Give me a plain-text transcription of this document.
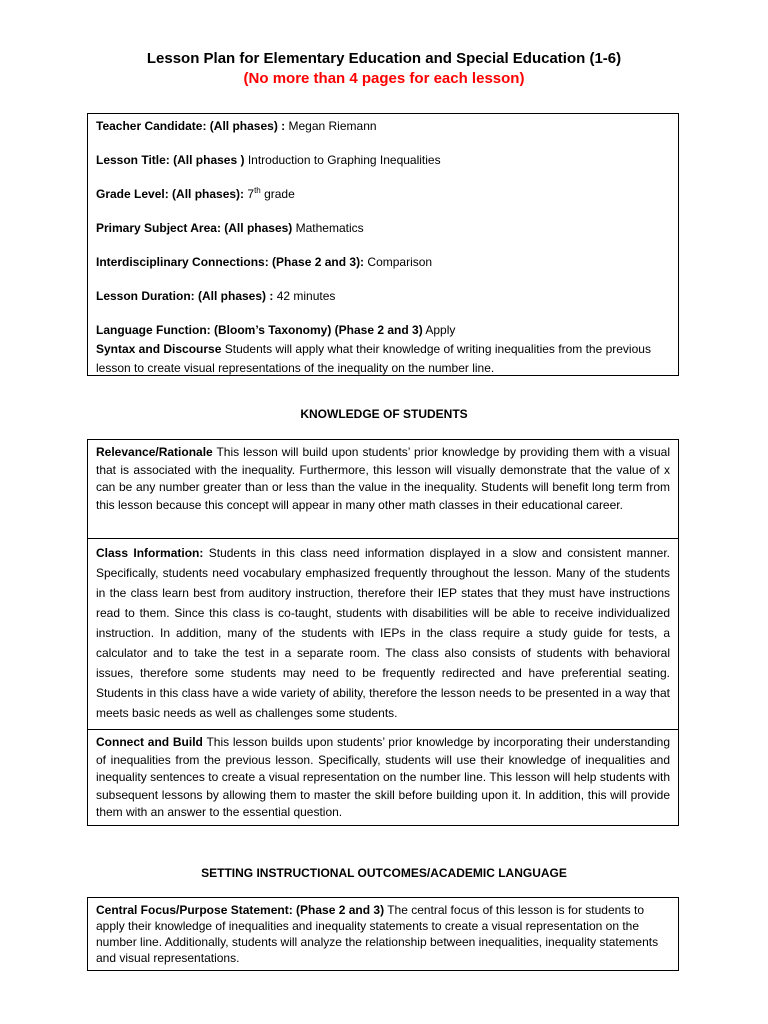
Lesson Plan for Elementary Education and Special Education (1-6)
(No more than 4 pages for each lesson)

Teacher Candidate: (All phases) : Megan Riemann

Lesson Title: (All phases ) Introduction to Graphing Inequalities

Grade Level: (All phases): 7th grade

Primary Subject Area: (All phases) Mathematics

Interdisciplinary Connections: (Phase 2 and 3): Comparison

Lesson Duration: (All phases) : 42 minutes

Language Function: (Bloom’s Taxonomy) (Phase 2 and 3) Apply

Syntax and Discourse Students will apply what their knowledge of writing inequalities from the previous lesson to create visual representations of the inequality on the number line.

KNOWLEDGE OF STUDENTS
Relevance/Rationale This lesson will build upon students’ prior knowledge by providing them with a visual that is associated with the inequality. Furthermore, this lesson will visually demonstrate that the value of x can be any number greater than or less than the value in the inequality. Students will benefit long term from this lesson because this concept will appear in many other math classes in their educational career.
Class Information: Students in this class need information displayed in a slow and consistent manner. Specifically, students need vocabulary emphasized frequently throughout the lesson. Many of the students in the class learn best from auditory instruction, therefore their IEP states that they must have instructions read to them. Since this class is co-taught, students with disabilities will be able to receive individualized instruction. In addition, many of the students with IEPs in the class require a study guide for tests, a calculator and to take the test in a separate room. The class also consists of students with behavioral issues, therefore some students may need to be frequently redirected and have preferential seating. Students in this class have a wide variety of ability, therefore the lesson needs to be presented in a way that meets basic needs as well as challenges some students.
Connect and Build This lesson builds upon students’ prior knowledge by incorporating their understanding of inequalities from the previous lesson. Specifically, students will use their knowledge of inequalities and inequality sentences to create a visual representation on the number line. This lesson will help students with subsequent lessons by allowing them to master the skill before building upon it. In addition, this will provide them with an answer to the essential question.
SETTING INSTRUCTIONAL OUTCOMES/ACADEMIC LANGUAGE
Central Focus/Purpose Statement: (Phase 2 and 3) The central focus of this lesson is for students to apply their knowledge of inequalities and inequality statements to create a visual representation on the number line. Additionally, students will analyze the relationship between inequalities, inequality statements and visual representations.
